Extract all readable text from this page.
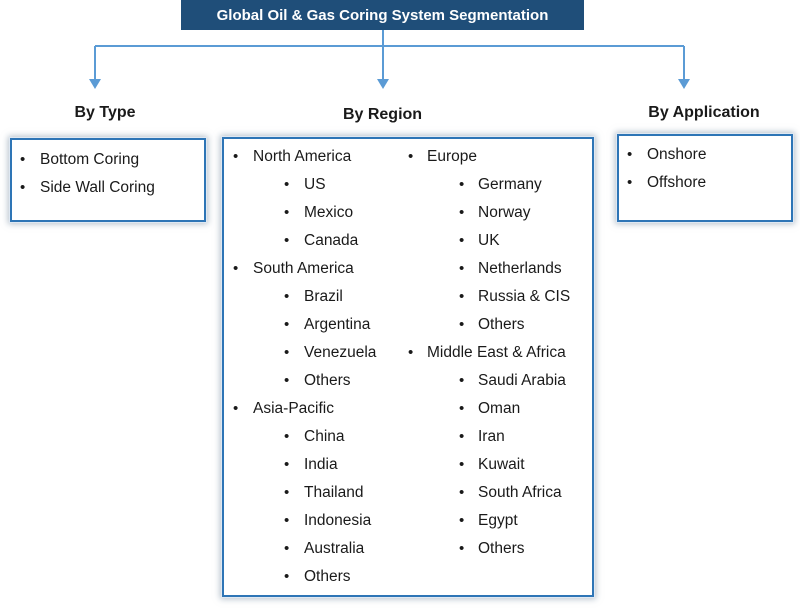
Global Oil & Gas Coring System Segmentation
By Type	By Region	By Application
• Bottom Coring
• Side Wall Coring
• Onshore
• Offshore
• North America
• US
• Mexico
• Canada
• South America
• Brazil
• Argentina
• Venezuela
• Others
• Asia-Pacific
• China
• India
• Thailand
• Indonesia
• Australia
• Others
• Europe
• Germany
• Norway
• UK
• Netherlands
• Russia & CIS
• Others
• Middle East & Africa
• Saudi Arabia
• Oman
• Iran
• Kuwait
• South Africa
• Egypt
• Others
